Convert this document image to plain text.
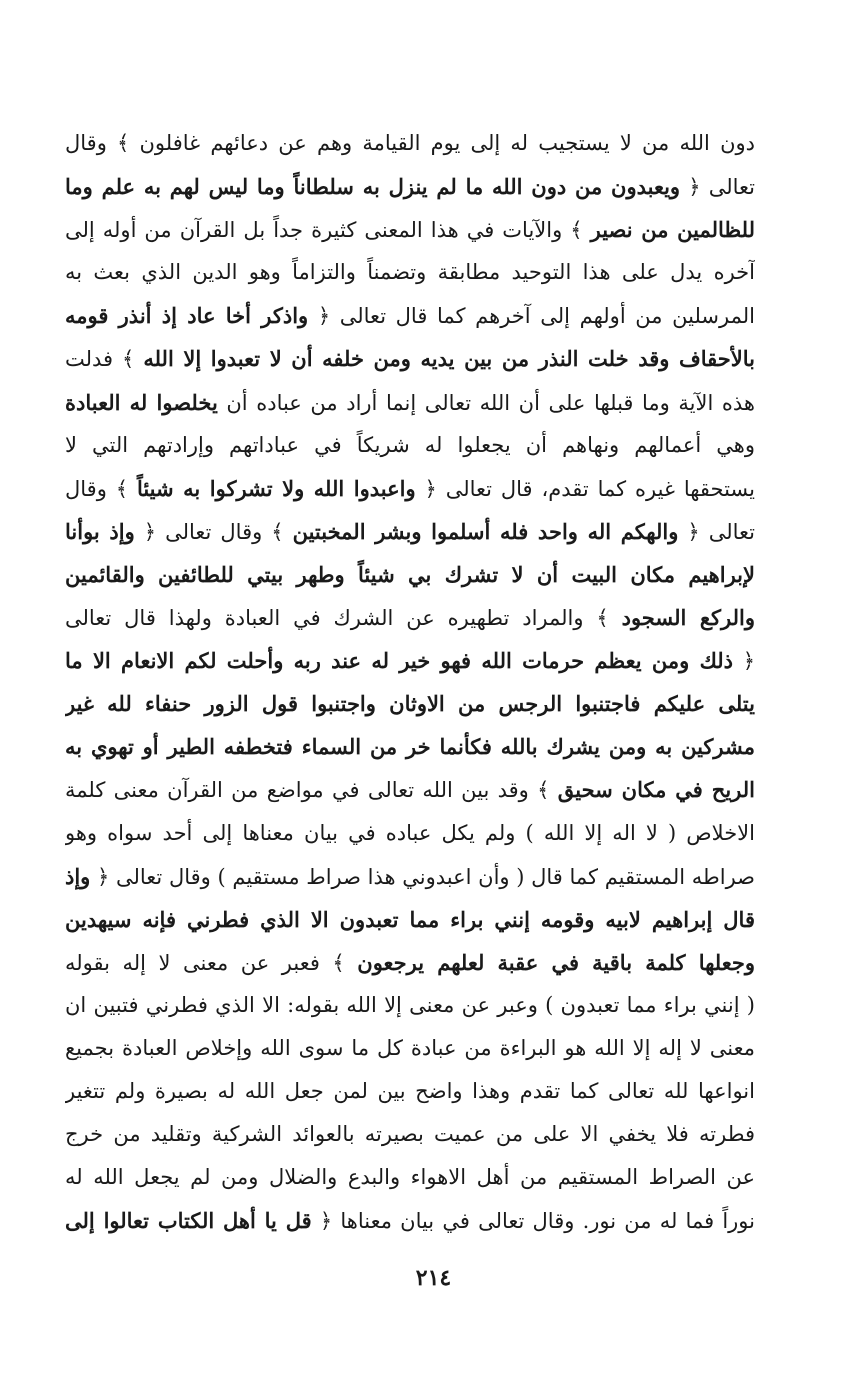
دون الله من لا يستجيب له إلى يوم القيامة وهم عن دعائهم غافلون ﴾ وقال
تعالى ﴿ ويعبدون من دون الله ما لم ينزل به سلطاناً وما ليس لهم به علم وما
للظالمين من نصير ﴾ والآيات في هذا المعنى كثيرة جداً بل القرآن من أوله إلى
آخره يدل على هذا التوحيد مطابقة وتضمناً والتزاماً وهو الدين الذي بعث به
المرسلين من أولهم إلى آخرهم كما قال تعالى ﴿ واذكر أخا عاد إذ أنذر قومه
بالأحقاف وقد خلت النذر من بين يديه ومن خلفه أن لا تعبدوا إلا الله ﴾ فدلت
هذه الآية وما قبلها على أن الله تعالى إنما أراد من عباده أن يخلصوا له العبادة
وهي أعمالهم ونهاهم أن يجعلوا له شريكاً في عباداتهم وإرادتهم التي لا
يستحقها غيره كما تقدم، قال تعالى ﴿ واعبدوا الله ولا تشركوا به شيئاً ﴾ وقال
تعالى ﴿ والهكم اله واحد فله أسلموا وبشر المخبتين ﴾ وقال تعالى ﴿ وإذ بوأنا
لإبراهيم مكان البيت أن لا تشرك بي شيئاً وطهر بيتي للطائفين والقائمين
والركع السجود ﴾ والمراد تطهيره عن الشرك في العبادة ولهذا قال تعالى
﴿ ذلك ومن يعظم حرمات الله فهو خير له عند ربه وأحلت لكم الانعام الا ما
يتلى عليكم فاجتنبوا الرجس من الاوثان واجتنبوا قول الزور حنفاء لله غير
مشركين به ومن يشرك بالله فكأنما خر من السماء فتخطفه الطير أو تهوي به
الريح في مكان سحيق ﴾ وقد بين الله تعالى في مواضع من القرآن معنى كلمة
الاخلاص ( لا اله إلا الله ) ولم يكل عباده في بيان معناها إلى أحد سواه وهو
صراطه المستقيم كما قال ( وأن اعبدوني هذا صراط مستقيم ) وقال تعالى ﴿ وإذ
قال إبراهيم لابيه وقومه إنني براء مما تعبدون الا الذي فطرني فإنه سيهدين
وجعلها كلمة باقية في عقبة لعلهم يرجعون ﴾ فعبر عن معنى لا إله بقوله
( إنني براء مما تعبدون ) وعبر عن معنى إلا الله بقوله: الا الذي فطرني فتبين ان
معنى لا إله إلا الله هو البراءة من عبادة كل ما سوى الله وإخلاص العبادة بجميع
انواعها لله تعالى كما تقدم وهذا واضح بين لمن جعل الله له بصيرة ولم تتغير
فطرته فلا يخفي الا على من عميت بصيرته بالعوائد الشركية وتقليد من خرج
عن الصراط المستقيم من أهل الاهواء والبدع والضلال ومن لم يجعل الله له
نوراً فما له من نور. وقال تعالى في بيان معناها ﴿ قل يا أهل الكتاب تعالوا إلى
٢١٤
